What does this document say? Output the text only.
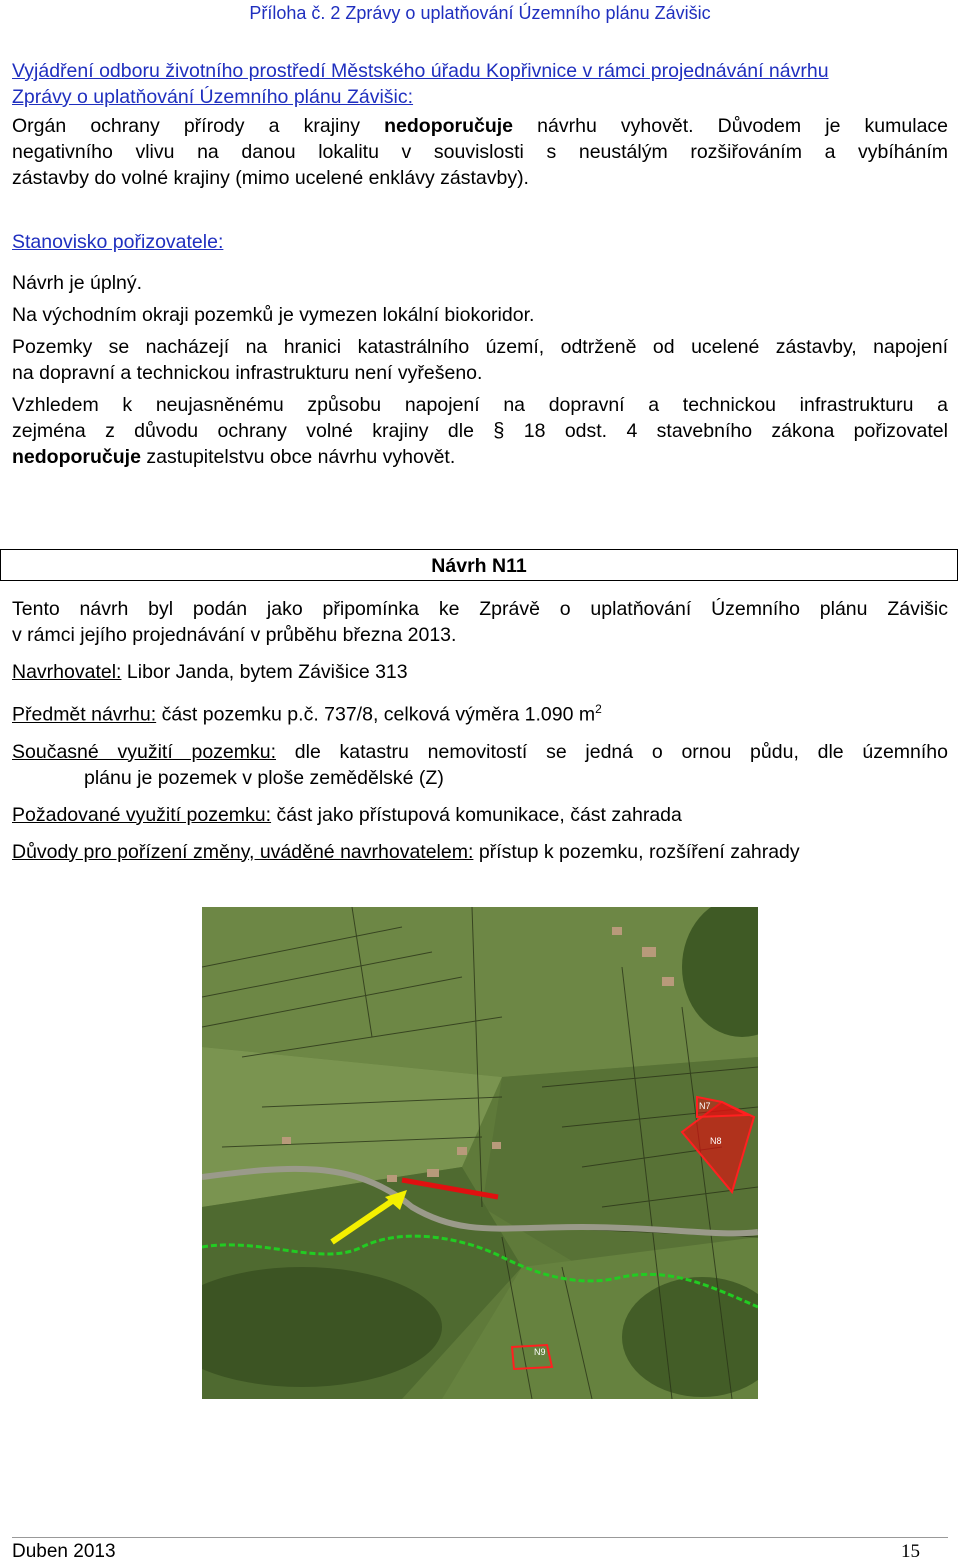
Příloha č. 2 Zprávy o uplatňování Územního plánu Závišic
Vyjádření odboru životního prostředí Městského úřadu Kopřivnice v rámci projednávání návrhu
Zprávy o uplatňování Územního plánu Závišic:
Orgán ochrany přírody a krajiny nedoporučuje návrhu vyhovět. Důvodem je kumulace
negativního vlivu na danou lokalitu v souvislosti s neustálým rozšiřováním a vybíháním
zástavby do volné krajiny (mimo ucelené enklávy zástavby).
Stanovisko pořizovatele:
Návrh je úplný.
Na východním okraji pozemků je vymezen lokální biokoridor.
Pozemky se nacházejí na hranici katastrálního území, odtrženě od ucelené zástavby, napojení
na dopravní a technickou infrastrukturu není vyřešeno.
Vzhledem k neujasněnému způsobu napojení na dopravní a technickou infrastrukturu a
zejména z důvodu ochrany volné krajiny dle § 18 odst. 4 stavebního zákona pořizovatel
nedoporučuje zastupitelstvu obce návrhu vyhovět.
Návrh N11
Tento návrh byl podán jako připomínka ke Zprávě o uplatňování Územního plánu Závišic
v rámci jejího projednávání v průběhu března 2013.
Navrhovatel: Libor Janda, bytem Závišice 313
Předmět návrhu: část pozemku p.č. 737/8, celková výměra 1.090 $m^2$
Současné využití pozemku: dle katastru nemovitostí se jedná o ornou půdu, dle územního
plánu je pozemek v ploše zemědělské (Z)
Požadované využití pozemku: část jako přístupová komunikace, část zahrada
Důvody pro pořízení změny, uváděné navrhovatelem: přístup k pozemku, rozšíření zahrady
N7
N8
N9
Duben 2013	15
